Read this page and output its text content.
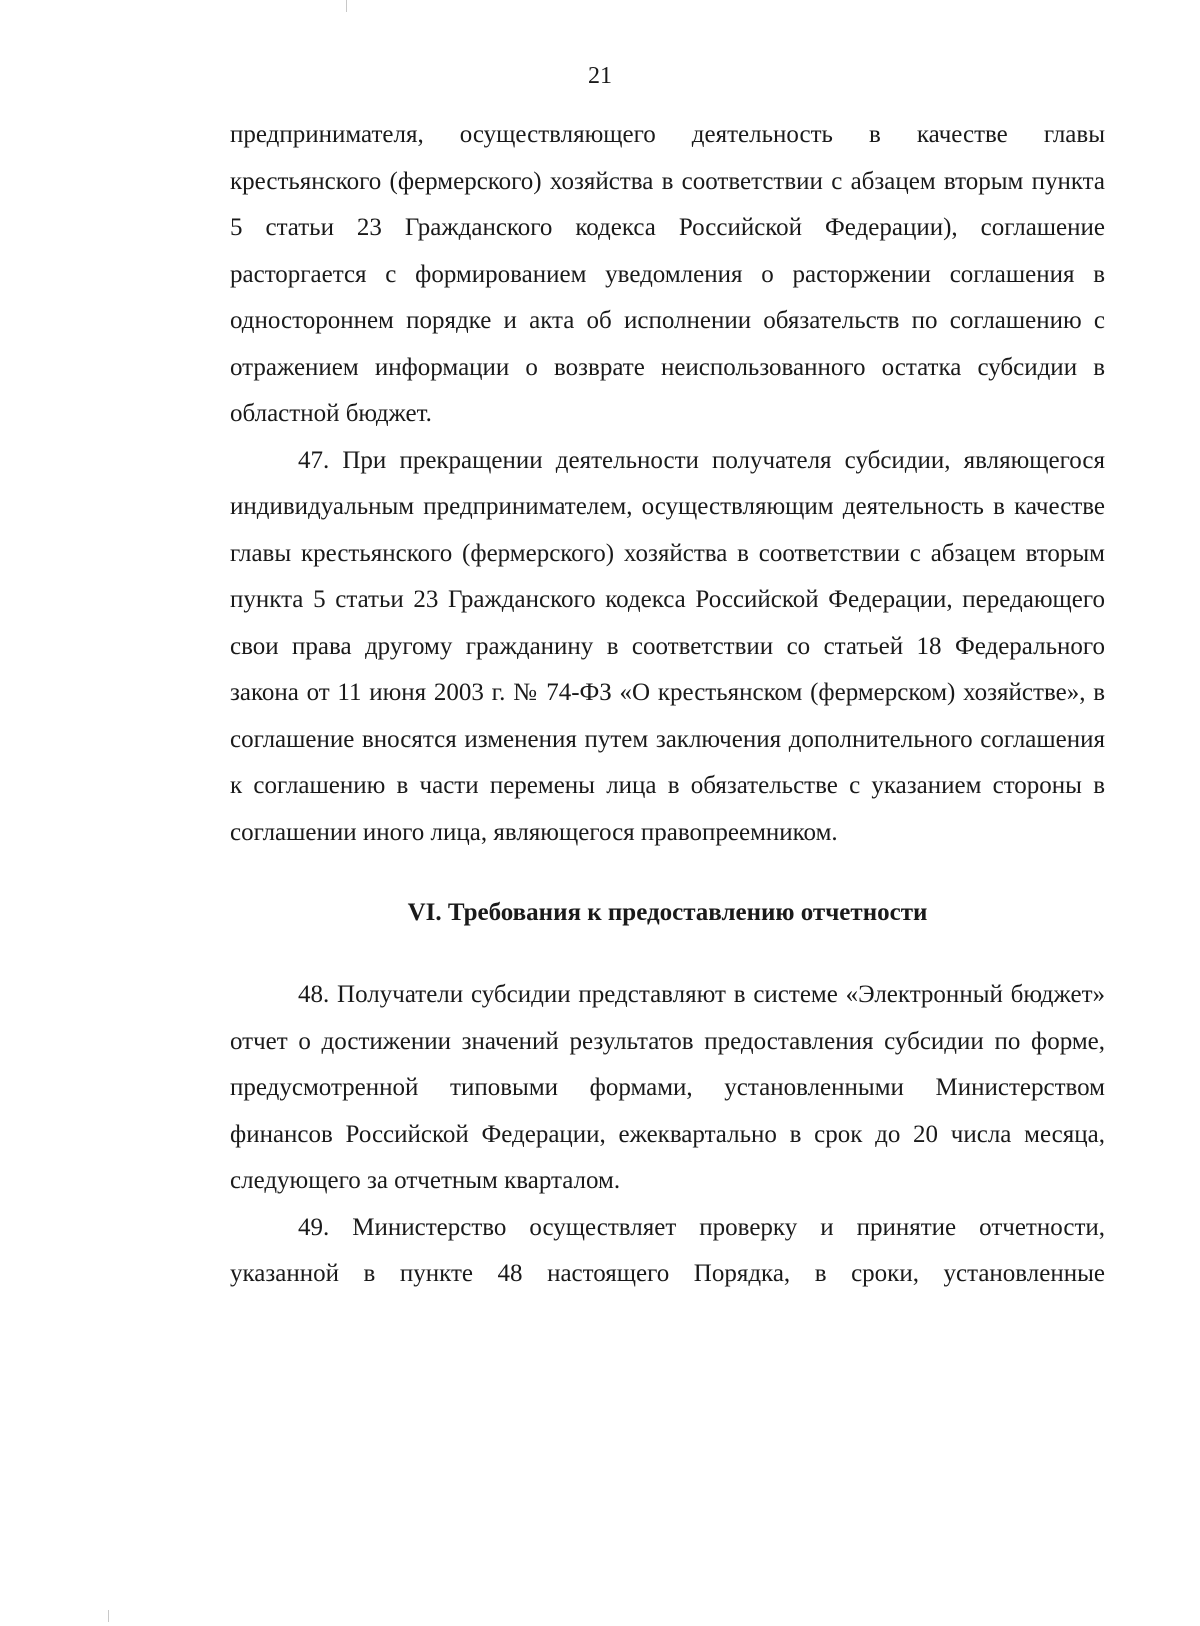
21

предпринимателя, осуществляющего деятельность в качестве главы крестьянского (фермерского) хозяйства в соответствии с абзацем вторым пункта 5 статьи 23 Гражданского кодекса Российской Федерации), соглашение расторгается с формированием уведомления о расторжении соглашения в одностороннем порядке и акта об исполнении обязательств по соглашению с отражением информации о возврате неиспользованного остатка субсидии в областной бюджет.

47. При прекращении деятельности получателя субсидии, являющегося индивидуальным предпринимателем, осуществляющим деятельность в качестве главы крестьянского (фермерского) хозяйства в соответствии с абзацем вторым пункта 5 статьи 23 Гражданского кодекса Российской Федерации, передающего свои права другому гражданину в соответствии со статьей 18 Федерального закона от 11 июня 2003 г. № 74-ФЗ «О крестьянском (фермерском) хозяйстве», в соглашение вносятся изменения путем заключения дополнительного соглашения к соглашению в части перемены лица в обязательстве с указанием стороны в соглашении иного лица, являющегося правопреемником.

VI. Требования к предоставлению отчетности

48. Получатели субсидии представляют в системе «Электронный бюджет» отчет о достижении значений результатов предоставления субсидии по форме, предусмотренной типовыми формами, установленными Министерством финансов Российской Федерации, ежеквартально в срок до 20 числа месяца, следующего за отчетным кварталом.

49. Министерство осуществляет проверку и принятие отчетности, указанной в пункте 48 настоящего Порядка, в сроки, установленные
